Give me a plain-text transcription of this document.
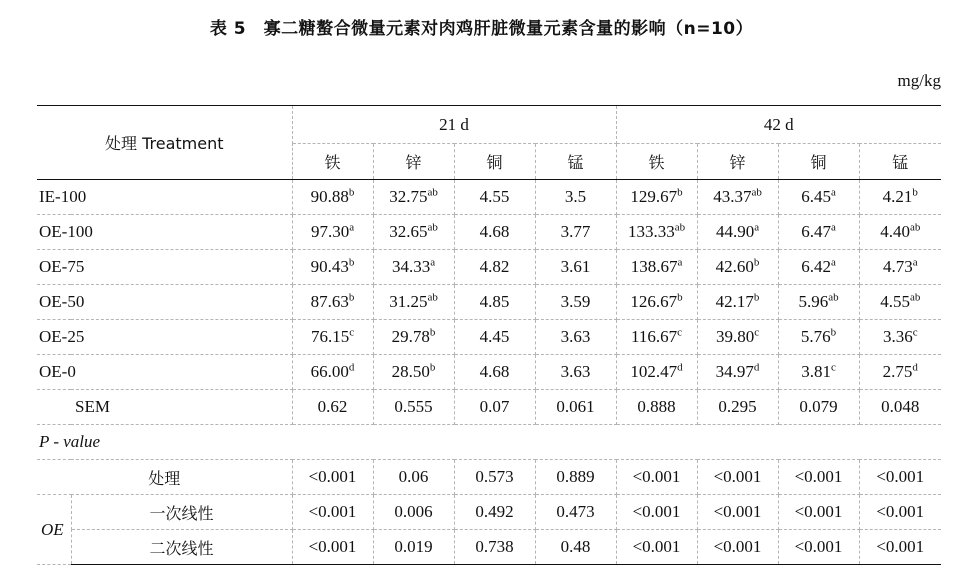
表 5　寡二糖螯合微量元素对肉鸡肝脏微量元素含量的影响（n=10）
mg/kg
处理 Treatment		21 d				42 d			
		铁	锌	铜	锰	铁	锌	铜	锰
IE-100		90.88$^b$	32.75$^{ab}$	4.55	3.5	129.67$^b$	43.37$^{ab}$	6.45$^a$	4.21$^b$
OE-100		97.30$^a$	32.65$^{ab}$	4.68	3.77	133.33$^{ab}$	44.90$^a$	6.47$^a$	4.40$^{ab}$
OE-75		90.43$^b$	34.33$^a$	4.82	3.61	138.67$^a$	42.60$^b$	6.42$^a$	4.73$^a$
OE-50		87.63$^b$	31.25$^{ab}$	4.85	3.59	126.67$^b$	42.17$^b$	5.96$^{ab}$	4.55$^{ab}$
OE-25		76.15$^c$	29.78$^b$	4.45	3.63	116.67$^c$	39.80$^c$	5.76$^b$	3.36$^c$
OE-0		66.00$^d$	28.50$^b$	4.68	3.63	102.47$^d$	34.97$^d$	3.81$^c$	2.75$^d$
SEM		0.62	0.555	0.07	0.061	0.888	0.295	0.079	0.048
P - value									
处理		<0.001	0.06	0.573	0.889	<0.001	<0.001	<0.001	<0.001
OE	一次线性	<0.001	0.006	0.492	0.473	<0.001	<0.001	<0.001	<0.001
	二次线性	<0.001	0.019	0.738	0.48	<0.001	<0.001	<0.001	<0.001
